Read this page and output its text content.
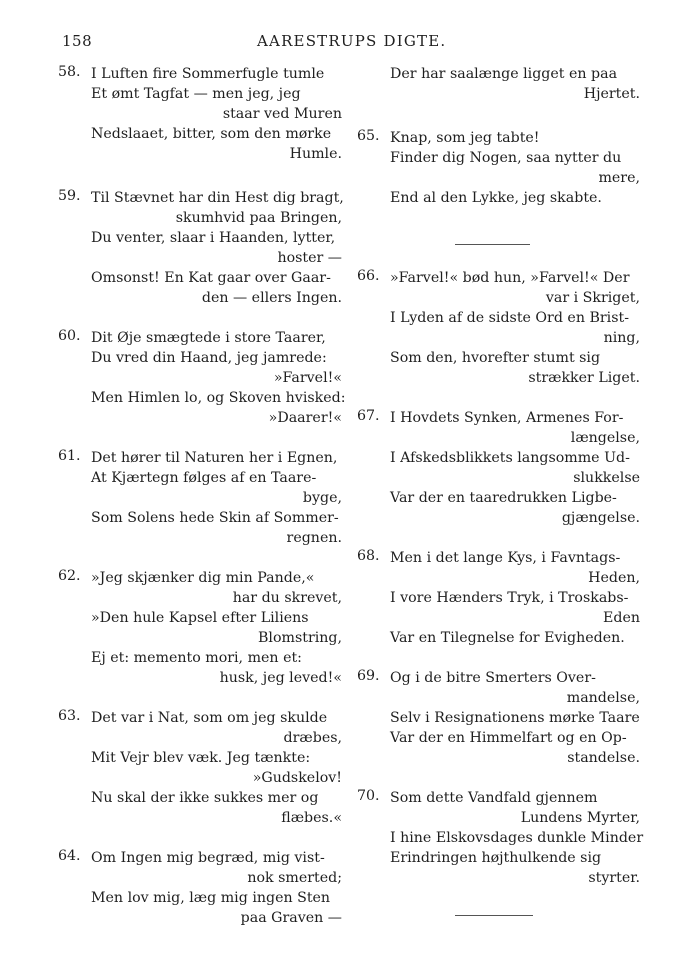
158	AARESTRUPS DIGTE.
58. I Luften fire Sommerfugle tumle
Et ømt Tagfat — men jeg, jeg
staar ved Muren
Nedslaaet, bitter, som den mørke
Humle.
59. Til Stævnet har din Hest dig bragt,
skumhvid paa Bringen,
Du venter, slaar i Haanden, lytter,
hoster —
Omsonst! En Kat gaar over Gaar-
den — ellers Ingen.
60. Dit Øje smægtede i store Taarer,
Du vred din Haand, jeg jamrede:
»Farvel!«
Men Himlen lo, og Skoven hvisked:
»Daarer!«
61. Det hører til Naturen her i Egnen,
At Kjærtegn følges af en Taare-
byge,
Som Solens hede Skin af Sommer-
regnen.
62. »Jeg skjænker dig min Pande,«
har du skrevet,
»Den hule Kapsel efter Liliens
Blomstring,
Ej et: memento mori, men et:
husk, jeg leved!«
63. Det var i Nat, som om jeg skulde
dræbes,
Mit Vejr blev væk. Jeg tænkte:
»Gudskelov!
Nu skal der ikke sukkes mer og
flæbes.«
64. Om Ingen mig begræd, mig vist-
nok smerted;
Men lov mig, læg mig ingen Sten
paa Graven —
Der har saalænge ligget en paa
Hjertet.
65. Knap, som jeg tabte!
Finder dig Nogen, saa nytter du
mere,
End al den Lykke, jeg skabte.
66. »Farvel!« bød hun, »Farvel!« Der
var i Skriget,
I Lyden af de sidste Ord en Brist-
ning,
Som den, hvorefter stumt sig
strækker Liget.
67. I Hovdets Synken, Armenes For-
længelse,
I Afskedsblikkets langsomme Ud-
slukkelse
Var der en taaredrukken Ligbe-
gjængelse.
68. Men i det lange Kys, i Favntags-
Heden,
I vore Hænders Tryk, i Troskabs-
Eden
Var en Tilegnelse for Evigheden.
69. Og i de bitre Smerters Over-
mandelse,
Selv i Resignationens mørke Taare
Var der en Himmelfart og en Op-
standelse.
70. Som dette Vandfald gjennem
Lundens Myrter,
I hine Elskovsdages dunkle Minder
Erindringen højthulkende sig
styrter.
